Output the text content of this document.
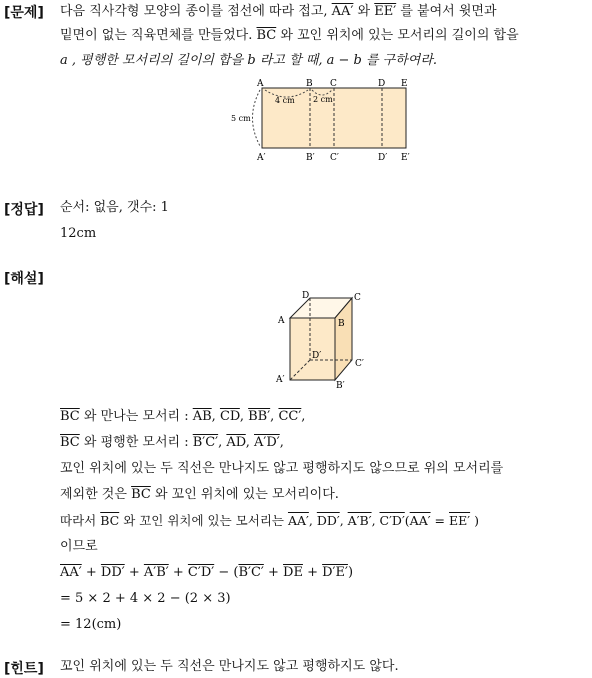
[문제] 다음 직사각형 모양의 종이를 점선에 따라 접고, AA′ 와 EE′ 를 붙여서 윗면과
밑면이 없는 직육면체를 만들었다. $\overline{BC}$ 와 꼬인 위치에 있는 모서리의 길이의 합을
a , 평행한 모서리의 길이의 합을 b 라고 할 때, a − b 를 구하여라.
4 cm 2 cm
5 cm
A	B C	D E
A′	B′ C′	D′ E′
[정답] 순서: 없음, 갯수: 1
12cm
[해설]
D	C
A	B
D′
C′
A′
B′
$\overline{BC}$ 와 만나는 모서리 : $\overline{AB}$, $\overline{CD}$, BB′, CC′,
$\overline{BC}$ 와 평행한 모서리 : B′C′, $\overline{AD}$, A′D′,
꼬인 위치에 있는 두 직선은 만나지도 않고 평행하지도 않으므로 위의 모서리를
제외한 것은 $\overline{BC}$ 와 꼬인 위치에 있는 모서리이다.
따라서 $\overline{BC}$ 와 꼬인 위치에 있는 모서리는 AA′, DD′, A′B′, C′D′(AA′ = EE′ )
이므로
$AA' + DD' + A'B' + C'D' - (B'C' + \overline{DE} + D'E')$
= 5 × 2 + 4 × 2 − (2 × 3)
= 12(cm)
[힌트] 꼬인 위치에 있는 두 직선은 만나지도 않고 평행하지도 않다.
